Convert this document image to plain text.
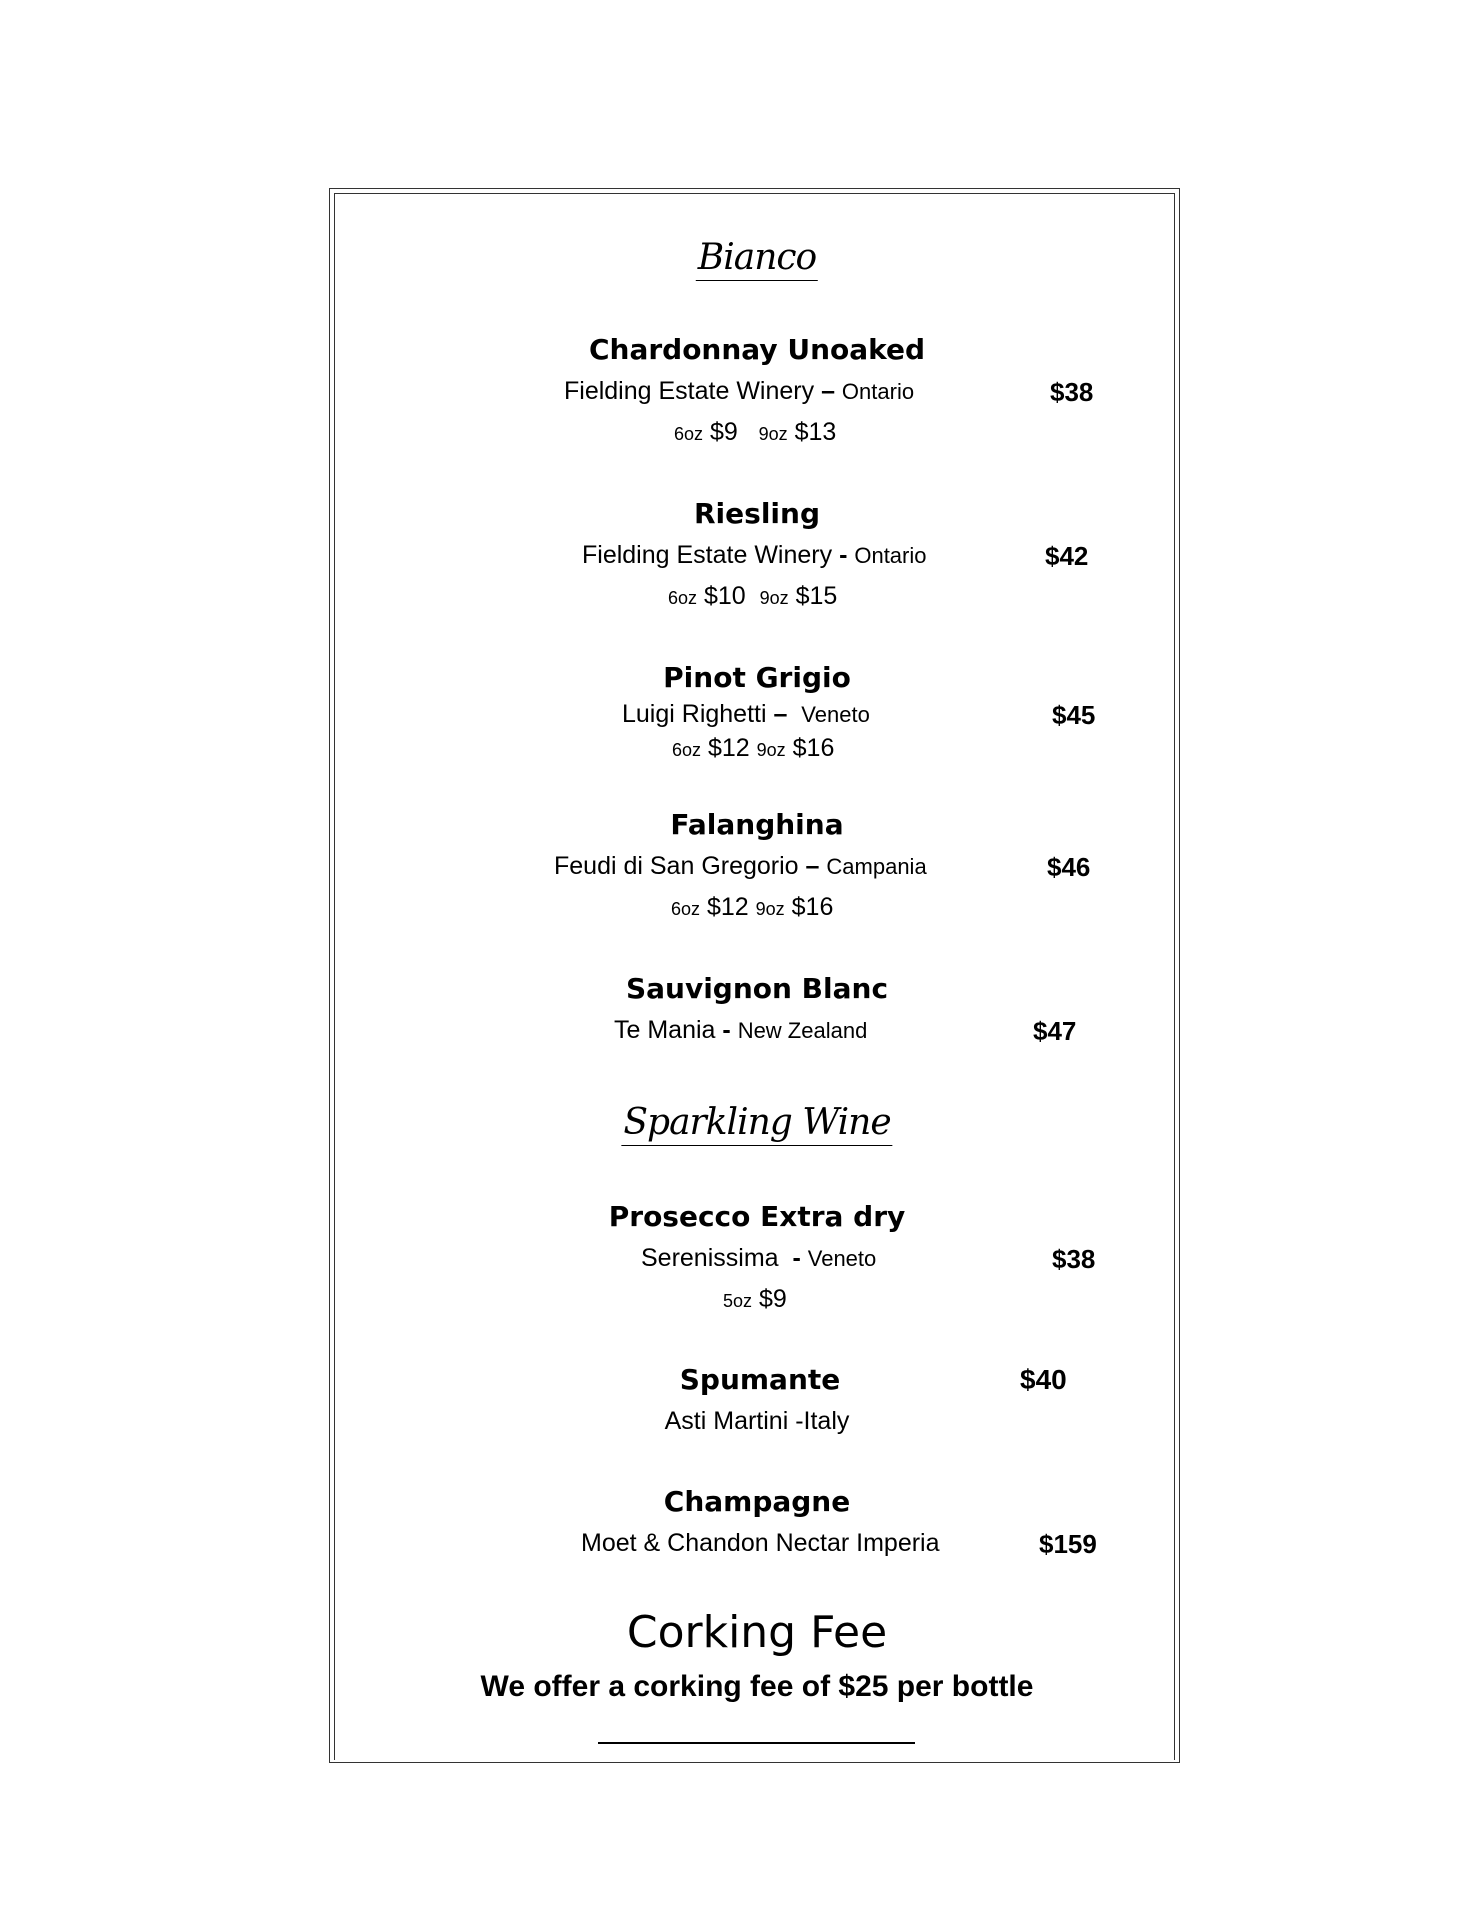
Bianco
Chardonnay Unoaked
Fielding Estate Winery – Ontario	$38
6oz $9 9oz $13
Riesling
Fielding Estate Winery - Ontario	$42
6oz $10 9oz $15
Pinot Grigio
Luigi Righetti – Veneto	$45
6oz $12 9oz $16
Falanghina
Feudi di San Gregorio – Campania	$46
6oz $12 9oz $16
Sauvignon Blanc
Te Mania - New Zealand	$47
Sparkling Wine
Prosecco Extra dry
Serenissima - Veneto	$38
5oz $9
Spumante	$40
Asti Martini -Italy
Champagne
Moet & Chandon Nectar Imperia	$159
Corking Fee
We offer a corking fee of $25 per bottle
